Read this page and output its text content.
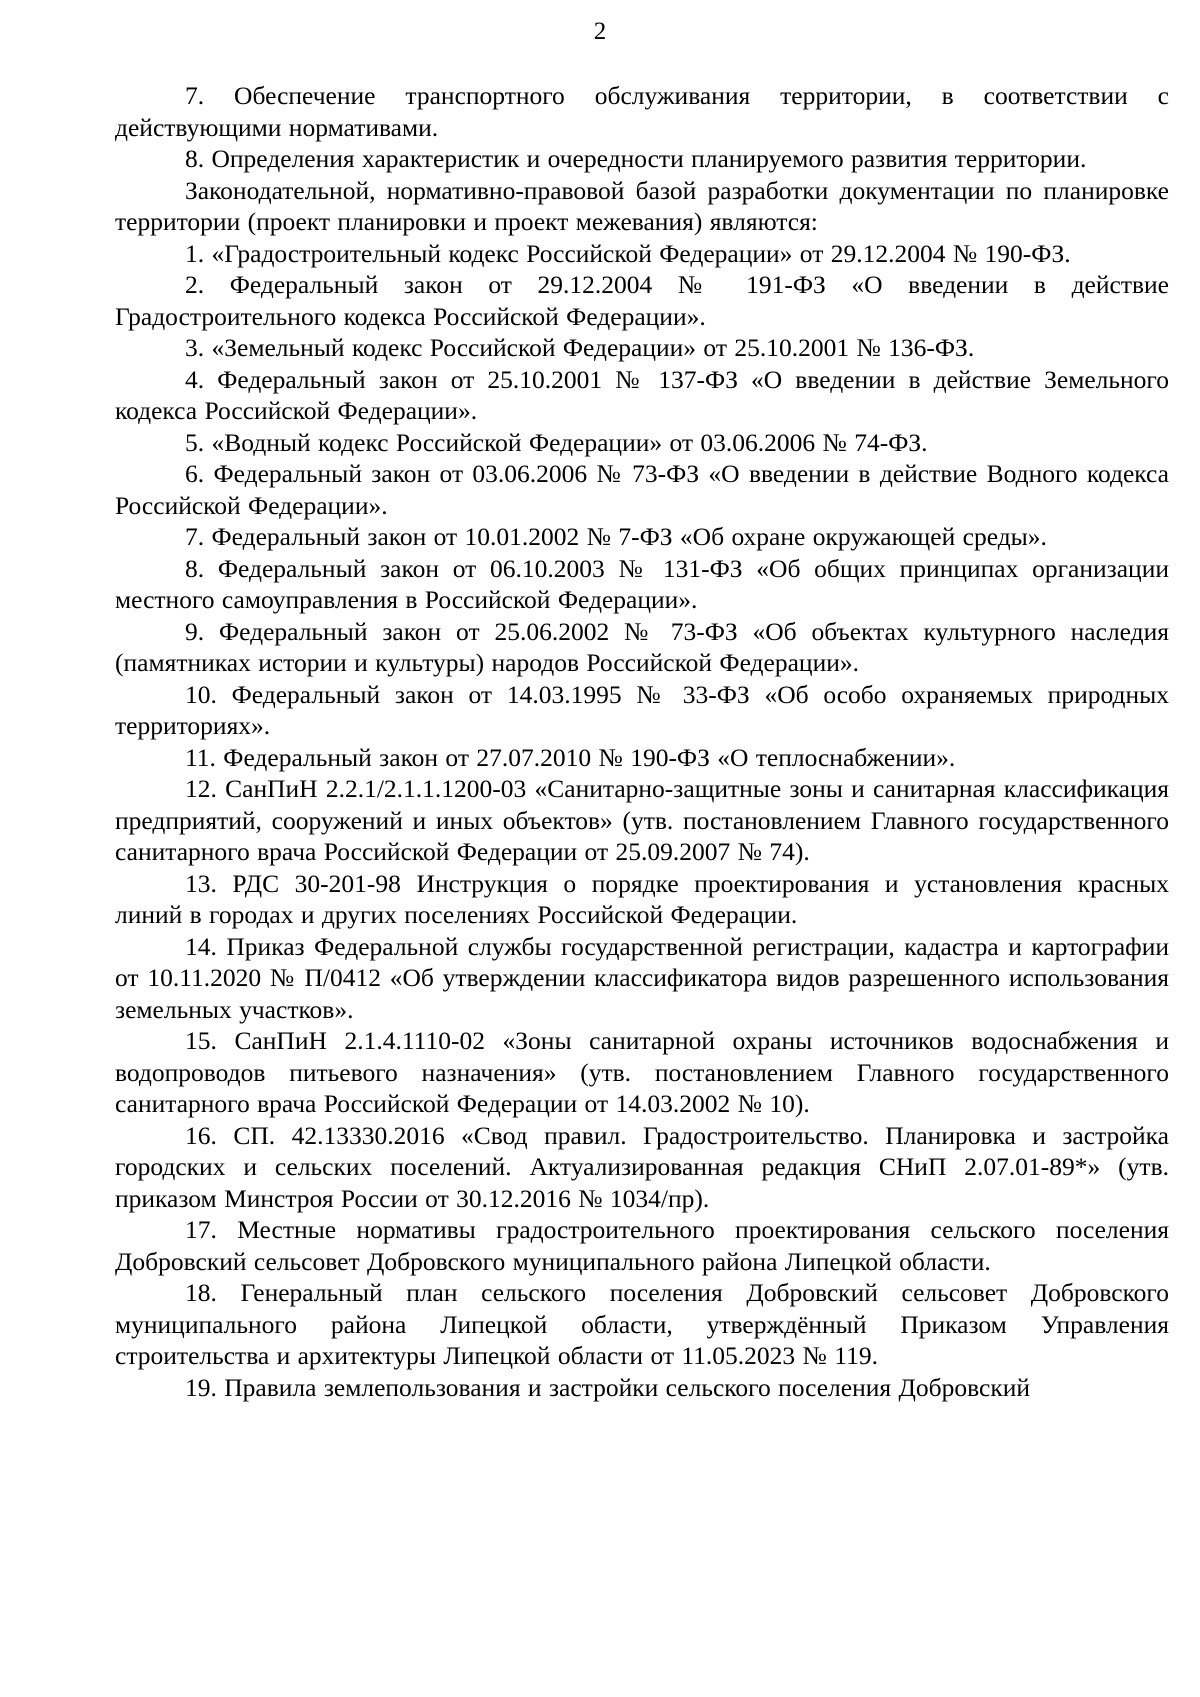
2

7. Обеспечение транспортного обслуживания территории, в соответствии с действующими нормативами.

8. Определения характеристик и очередности планируемого развития территории.

Законодательной, нормативно-правовой базой разработки документации по планировке территории (проект планировки и проект межевания) являются:

1. «Градостроительный кодекс Российской Федерации» от 29.12.2004 № 190-ФЗ.

2. Федеральный закон от 29.12.2004 № 191-ФЗ «О введении в действие Градостроительного кодекса Российской Федерации».

3. «Земельный кодекс Российской Федерации» от 25.10.2001 № 136-ФЗ.

4. Федеральный закон от 25.10.2001 № 137-ФЗ «О введении в действие Земельного кодекса Российской Федерации».

5. «Водный кодекс Российской Федерации» от 03.06.2006 № 74-ФЗ.

6. Федеральный закон от 03.06.2006 № 73-ФЗ «О введении в действие Водного кодекса Российской Федерации».

7. Федеральный закон от 10.01.2002 № 7-ФЗ «Об охране окружающей среды».

8. Федеральный закон от 06.10.2003 № 131-ФЗ «Об общих принципах организации местного самоуправления в Российской Федерации».

9. Федеральный закон от 25.06.2002 № 73-ФЗ «Об объектах культурного наследия (памятниках истории и культуры) народов Российской Федерации».

10. Федеральный закон от 14.03.1995 № 33-ФЗ «Об особо охраняемых природных территориях».

11. Федеральный закон от 27.07.2010 № 190-ФЗ «О теплоснабжении».

12. СанПиН 2.2.1/2.1.1.1200-03 «Санитарно-защитные зоны и санитарная классификация предприятий, сооружений и иных объектов» (утв. постановлением Главного государственного санитарного врача Российской Федерации от 25.09.2007 № 74).

13. РДС 30-201-98 Инструкция о порядке проектирования и установления красных линий в городах и других поселениях Российской Федерации.

14. Приказ Федеральной службы государственной регистрации, кадастра и картографии от 10.11.2020 № П/0412 «Об утверждении классификатора видов разрешенного использования земельных участков».

15. СанПиН 2.1.4.1110-02 «Зоны санитарной охраны источников водоснабжения и водопроводов питьевого назначения» (утв. постановлением Главного государственного санитарного врача Российской Федерации от 14.03.2002 № 10).

16. СП. 42.13330.2016 «Свод правил. Градостроительство. Планировка и застройка городских и сельских поселений. Актуализированная редакция СНиП 2.07.01-89*» (утв. приказом Минстроя России от 30.12.2016 № 1034/пр).

17. Местные нормативы градостроительного проектирования сельского поселения Добровский сельсовет Добровского муниципального района Липецкой области.

18. Генеральный план сельского поселения Добровский сельсовет Добровского муниципального района Липецкой области, утверждённый Приказом Управления строительства и архитектуры Липецкой области от 11.05.2023 № 119.

19. Правила землепользования и застройки сельского поселения Добровский
